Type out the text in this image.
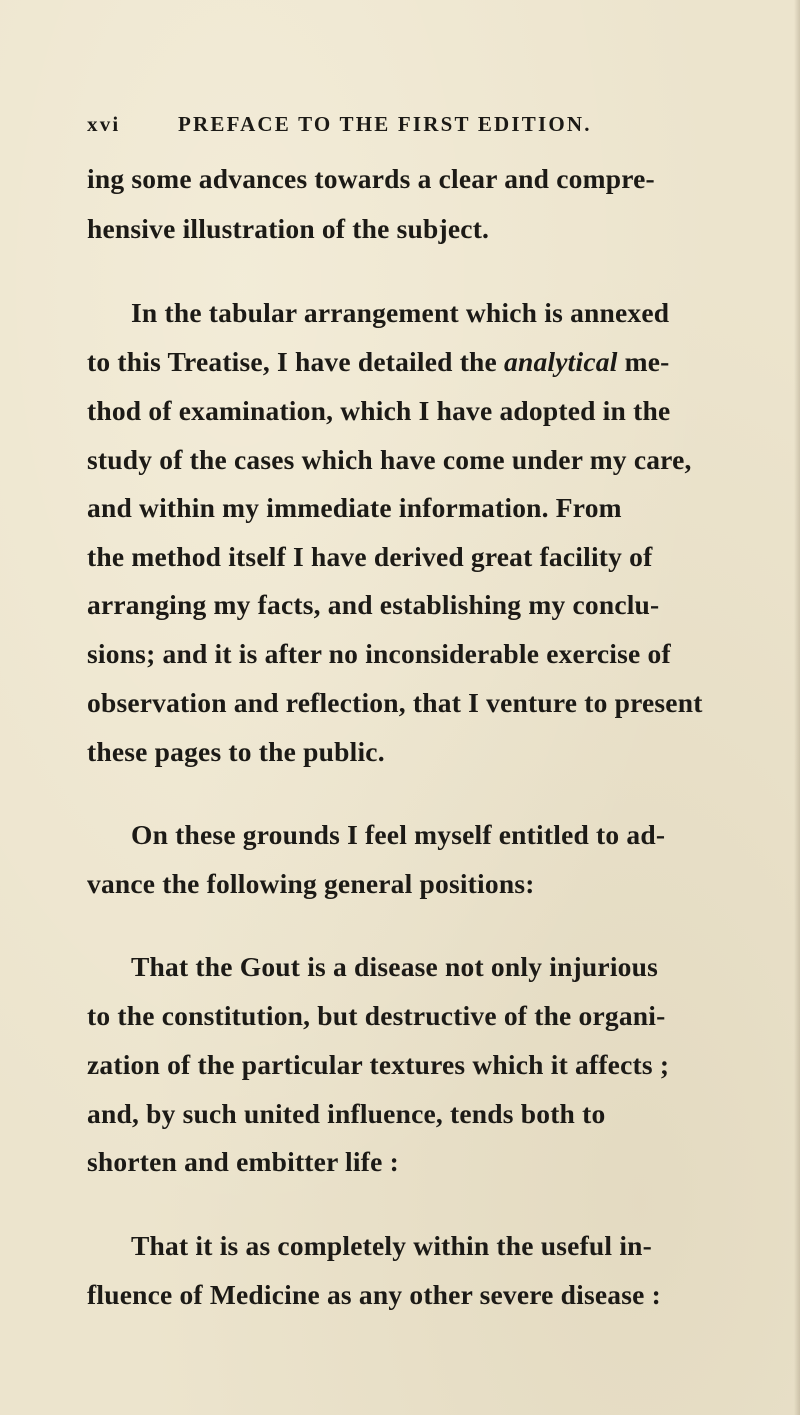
xvi	PREFACE TO THE FIRST EDITION.
ing some advances towards a clear and compre-
hensive illustration of the subject.
In the tabular arrangement which is annexed
to this Treatise, I have detailed the analytical me-
thod of examination, which I have adopted in the
study of the cases which have come under my care,
and within my immediate information. From
the method itself I have derived great facility of
arranging my facts, and establishing my conclu-
sions; and it is after no inconsiderable exercise of
observation and reflection, that I venture to present
these pages to the public.
On these grounds I feel myself entitled to ad-
vance the following general positions:
That the Gout is a disease not only injurious
to the constitution, but destructive of the organi-
zation of the particular textures which it affects ;
and, by such united influence, tends both to
shorten and embitter life :
That it is as completely within the useful in-
fluence of Medicine as any other severe disease :
